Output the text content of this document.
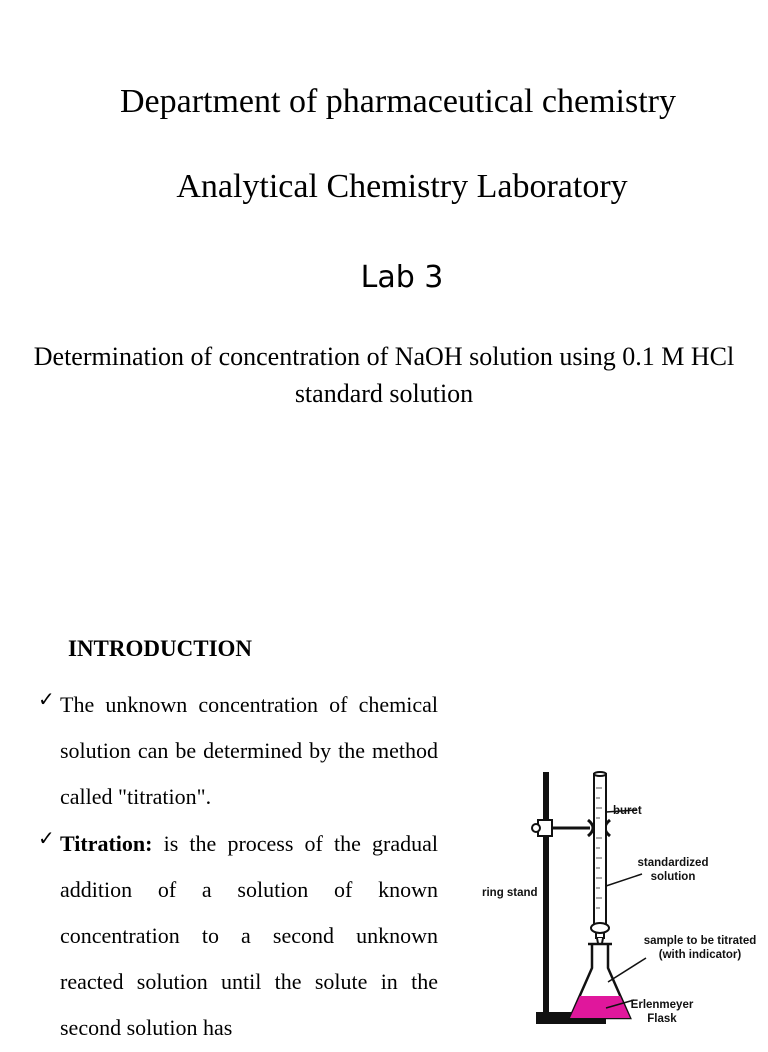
Department of pharmaceutical chemistry
Analytical Chemistry Laboratory
Lab 3
Determination of concentration of NaOH solution using 0.1 M HCl standard solution
INTRODUCTION
✓ The unknown concentration of chemical solution can be determined by the method called "titration".
✓ Titration: is the process of the gradual addition of a solution of known concentration to a second unknown reacted solution until the solute in the second solution has
buret
standardized
solution
ring stand
sample to be titrated
(with indicator)
Erlenmeyer
Flask
